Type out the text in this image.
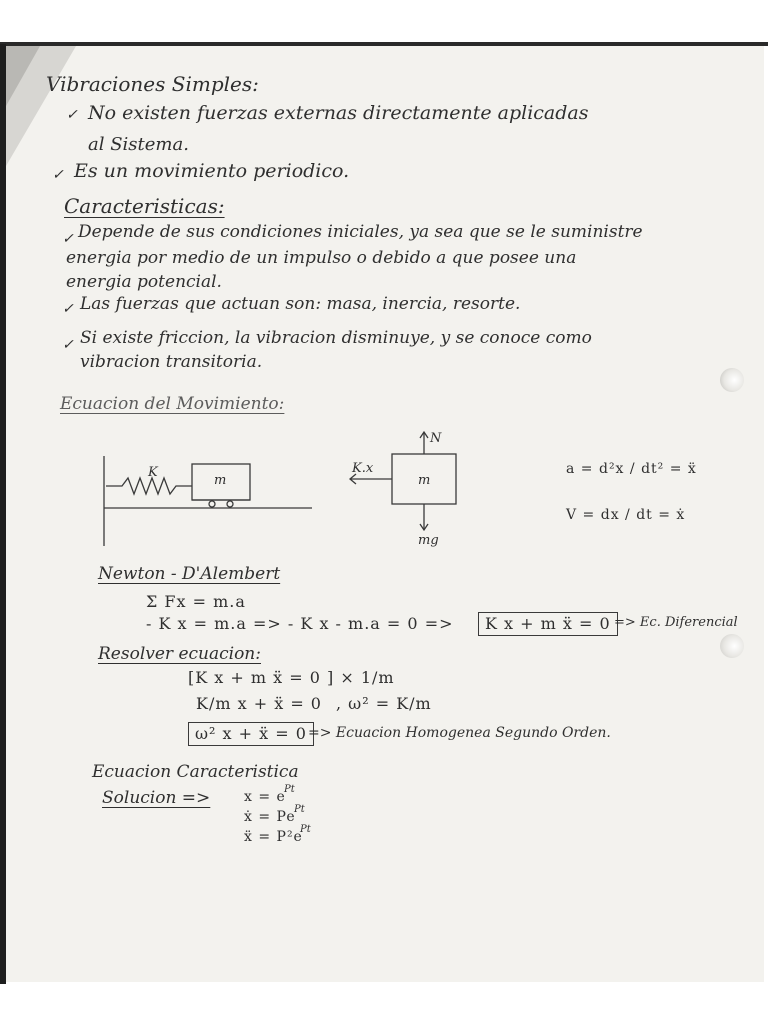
Vibraciones Simples:
✓ No existen fuerzas externas directamente aplicadas
al Sistema.
✓ Es un movimiento periodico.
Caracteristicas:
✓ Depende de sus condiciones iniciales, ya sea que se le suministre
energia por medio de un impulso o debido a que posee una
energia potencial.
✓ Las fuerzas que actuan son: masa, inercia, resorte.
✓ Si existe friccion, la vibracion disminuye, y se conoce como
vibracion transitoria.
Ecuacion del Movimiento:
K
m
K.x
m
N
mg
a = d²x / dt² = ẍ
V = dx / dt = ẋ
Newton - D'Alembert
Σ Fx = m.a
- K x = m.a => - K x - m.a = 0 =>	K x + m ẍ = 0 => Ec. Diferencial
Resolver ecuacion:
[K x + m ẍ = 0 ] × 1/m
K/m x + ẍ = 0 , ω² = K/m
ω² x + ẍ = 0 => Ecuacion Homogenea Segundo Orden.
Ecuacion Caracteristica
Solucion => x = e
Pt
ẋ = Pe
Pt
ẍ = P²e
Pt
